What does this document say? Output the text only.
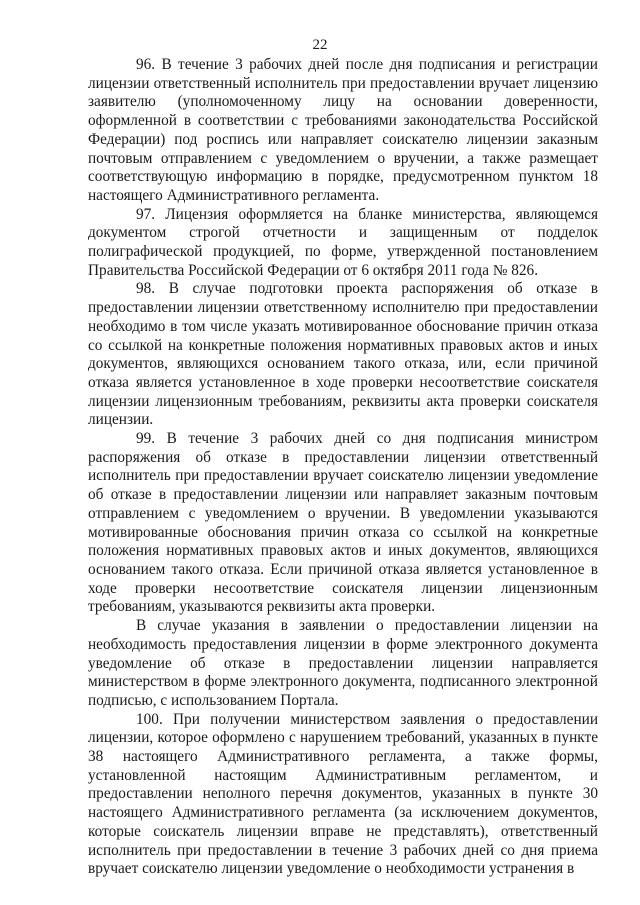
22

96. В течение 3 рабочих дней после дня подписания и регистрации лицензии ответственный исполнитель при предоставлении вручает лицензию заявителю (уполномоченному лицу на основании доверенности, оформленной в соответствии с требованиями законодательства Российской Федерации) под роспись или направляет соискателю лицензии заказным почтовым отправлением с уведомлением о вручении, а также размещает соответствующую информацию в порядке, предусмотренном пунктом 18 настоящего Административного регламента.

97. Лицензия оформляется на бланке министерства, являющемся документом строгой отчетности и защищенным от подделок полиграфической продукцией, по форме, утвержденной постановлением Правительства Российской Федерации от 6 октября 2011 года № 826.

98. В случае подготовки проекта распоряжения об отказе в предоставлении лицензии ответственному исполнителю при предоставлении необходимо в том числе указать мотивированное обоснование причин отказа со ссылкой на конкретные положения нормативных правовых актов и иных документов, являющихся основанием такого отказа, или, если причиной отказа является установленное в ходе проверки несоответствие соискателя лицензии лицензионным требованиям, реквизиты акта проверки соискателя лицензии.

99. В течение 3 рабочих дней со дня подписания министром распоряжения об отказе в предоставлении лицензии ответственный исполнитель при предоставлении вручает соискателю лицензии уведомление об отказе в предоставлении лицензии или направляет заказным почтовым отправлением с уведомлением о вручении. В уведомлении указываются мотивированные обоснования причин отказа со ссылкой на конкретные положения нормативных правовых актов и иных документов, являющихся основанием такого отказа. Если причиной отказа является установленное в ходе проверки несоответствие соискателя лицензии лицензионным требованиям, указываются реквизиты акта проверки.

В случае указания в заявлении о предоставлении лицензии на необходимость предоставления лицензии в форме электронного документа уведомление об отказе в предоставлении лицензии направляется министерством в форме электронного документа, подписанного электронной подписью, с использованием Портала.

100. При получении министерством заявления о предоставлении лицензии, которое оформлено с нарушением требований, указанных в пункте 38 настоящего Административного регламента, а также формы, установленной настоящим Административным регламентом, и предоставлении неполного перечня документов, указанных в пункте 30 настоящего Административного регламента (за исключением документов, которые соискатель лицензии вправе не представлять), ответственный исполнитель при предоставлении в течение 3 рабочих дней со дня приема вручает соискателю лицензии уведомление о необходимости устранения в
